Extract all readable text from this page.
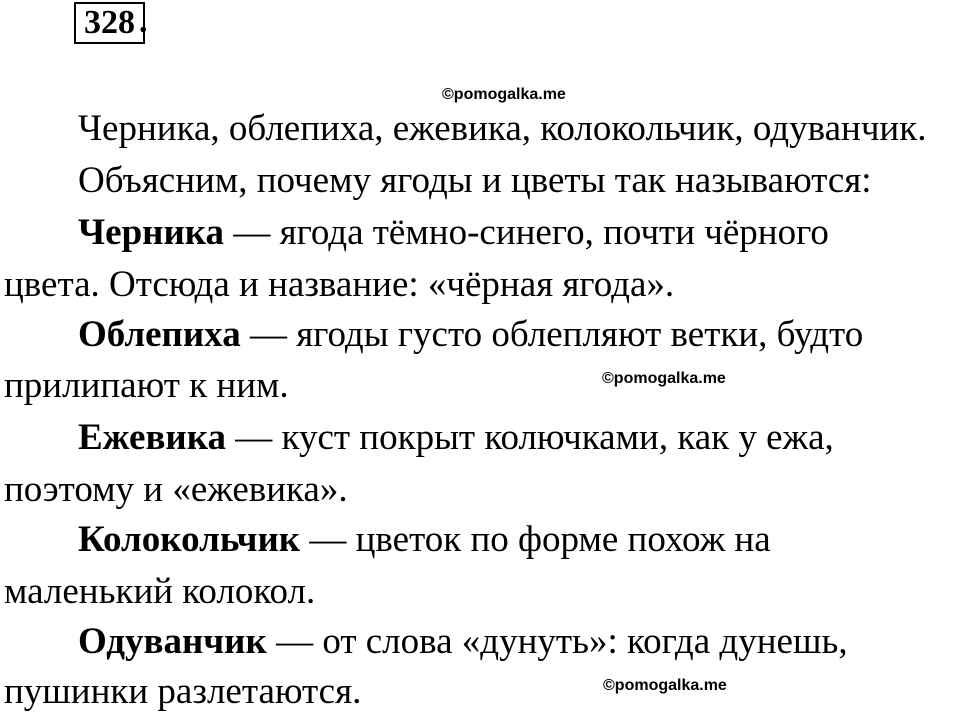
328 .
©pomogalka.me
Черника, облепиха, ежевика, колокольчик, одуванчик.
Объясним, почему ягоды и цветы так называются:
Черника — ягода тёмно-синего, почти чёрного
цвета. Отсюда и название: «чёрная ягода».
Облепиха — ягоды густо облепляют ветки, будто
прилипают к ним.	©pomogalka.me
Ежевика — куст покрыт колючками, как у ежа,
поэтому и «ежевика».
Колокольчик — цветок по форме похож на
маленький колокол.
Одуванчик — от слова «дунуть»: когда дунешь,
пушинки разлетаются.	©pomogalka.me
